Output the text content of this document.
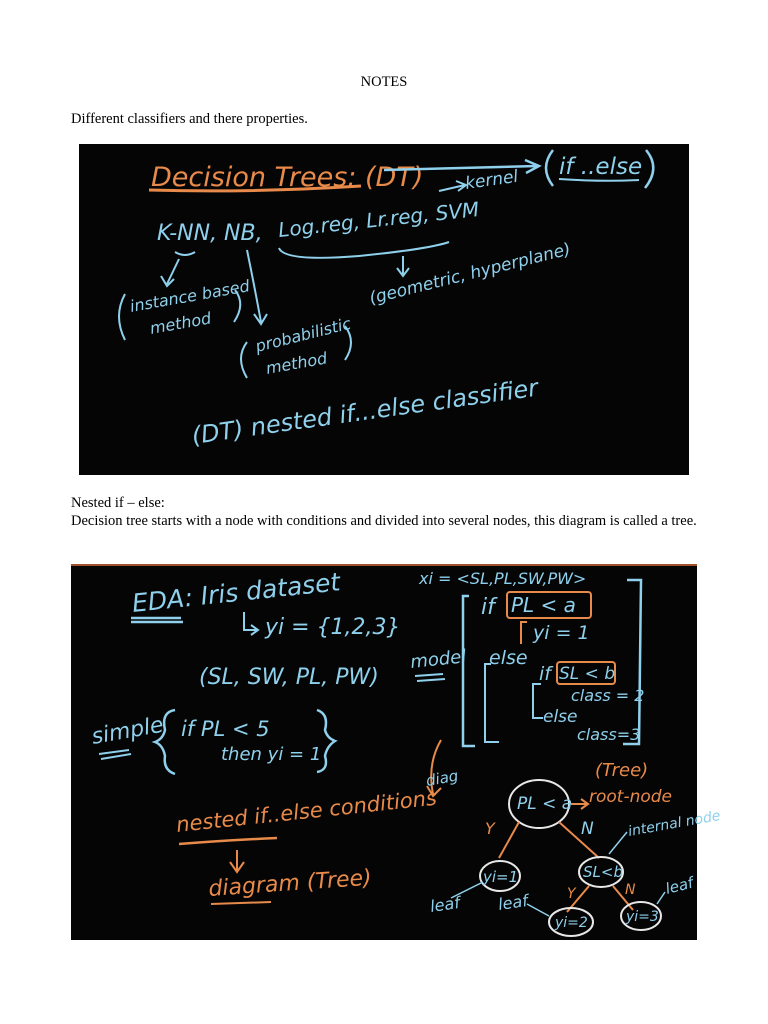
NOTES
Different classifiers and there properties.
Decision Trees: (DT)	if ..else
kernel
K-NN, NB, Log.reg, Lr.reg, SVM
instance based
method	probabilistic
method
(geometric, hyperplane)
(DT) nested if...else classifier
Nested if – else:
Decision tree starts with a node with conditions and divided into several nodes, this diagram is called a tree.
EDA: Iris dataset
yi = {1,2,3}
(SL, SW, PL, PW)
simple if PL < 5
then yi = 1
nested if..else conditions
diagram (Tree)
xi = <SL,PL,SW,PW>
model
if PL < a
yi = 1
else
if SL < b
class = 2
else
class=3
diag	(Tree)
PL < a root-node
Y	N internal node
yi=1	SL<b
Y	N
yi=2	yi=3
leaf leaf
leaf
